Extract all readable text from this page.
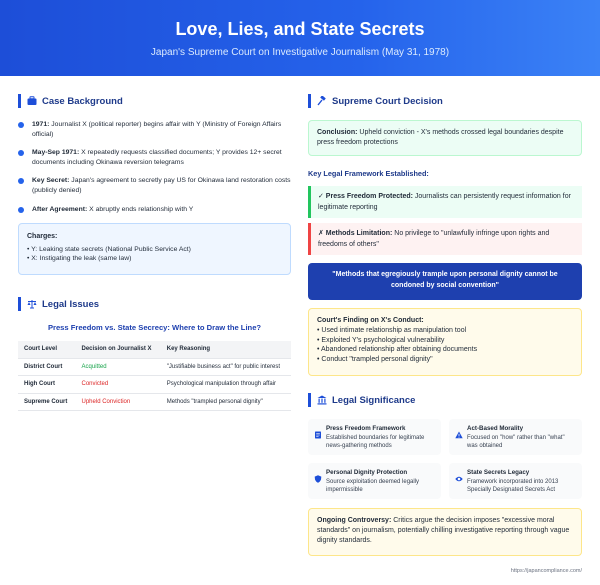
Love, Lies, and State Secrets

Japan's Supreme Court on Investigative Journalism (May 31, 1978)

Case Background
1971: Journalist X (political reporter) begins affair with Y (Ministry of Foreign Affairs official)
May-Sep 1971: X repeatedly requests classified documents; Y provides 12+ secret documents including Okinawa reversion telegrams
Key Secret: Japan's agreement to secretly pay US for Okinawa land restoration costs (publicly denied)
After Agreement: X abruptly ends relationship with Y
Charges:
• Y: Leaking state secrets (National Public Service Act)
• X: Instigating the leak (same law)
Legal Issues
Press Freedom vs. State Secrecy: Where to Draw the Line?
Court Level	Decision on Journalist X	Key Reasoning
District Court	Acquitted	"Justifiable business act" for public interest
High Court	Convicted	Psychological manipulation through affair
Supreme Court	Upheld Conviction	Methods "trampled personal dignity"
Supreme Court Decision
Conclusion: Upheld conviction - X's methods crossed legal boundaries despite press freedom protections
Key Legal Framework Established:
✓ Press Freedom Protected: Journalists can persistently request information for legitimate reporting
✗ Methods Limitation: No privilege to "unlawfully infringe upon rights and freedoms of others"
"Methods that egregiously trample upon personal dignity cannot be condoned by social convention"
Court's Finding on X's Conduct:
• Used intimate relationship as manipulation tool
• Exploited Y's psychological vulnerability
• Abandoned relationship after obtaining documents
• Conduct "trampled personal dignity"
Legal Significance
Press Freedom Framework
Established boundaries for legitimate news-gathering methods
Act-Based Morality
Focused on "how" rather than "what" was obtained
Personal Dignity Protection
Source exploitation deemed legally impermissible
State Secrets Legacy
Framework incorporated into 2013 Specially Designated Secrets Act
Ongoing Controversy: Critics argue the decision imposes "excessive moral standards" on journalism, potentially chilling investigative reporting through vague dignity standards.
https://japancompliance.com/
